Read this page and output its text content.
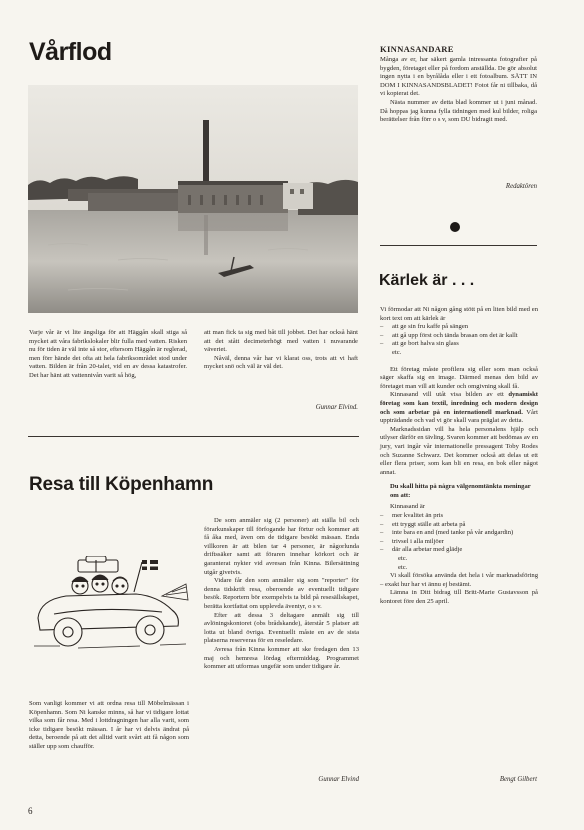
Vårflod

Varje vår är vi lite ängsliga för att Häggån skall stiga så mycket att våra fabrikslokaler blir fulla med vatten. Risken nu för tiden är väl inte så stor, eftersom Häggån är reglerad, men förr hände det ofta att hela fabriksområdet stod under vatten. Bilden är från 20-talet, vid en av dessa katastrofer. Det har hänt att vattennivån varit så hög,

att man fick ta sig med båt till jobbet. Det har också hänt att det stått decimeterhögt med vatten i nuvarande väveriet.

Nåväl, denna vår har vi klarat oss, trots att vi haft mycket snö och väl är väl det.

Gunnar Elvind.
KINNASANDARE

Många av er, har säkert gamla intressanta fotografier på bygden, företaget eller på fordom anställda. De gör absolut ingen nytta i en byrålåda eller i ett fotoalbum. SÄTT IN DOM I KINNASANDSBLADET! Fotot får ni tillbaka, då vi kopierat det.

Nästa nummer av detta blad kommer ut i juni månad. Då hoppas jag kunna fylla tidningen med kul bilder, roliga berättelser från förr o s v, som DU bidragit med.

Redaktören
Kärlek är . . .

Vi förmodar att Ni någon gång stött på en liten bild med en kort text om att kärlek är

– att ge sin fru kaffe på sängen
– att gå upp först och tända brasan om det är kallt
– att ge bort halva sin glass

etc.

Ett företag måste profilera sig eller som man också säger skaffa sig en image. Därmed menas den bild av företaget man vill att kunder och omgivning skall få.

Kinnasand vill utåt visa bilden av ett dynamiskt företag som kan textil, inredning och modern design och som arbetar på en internationell marknad. Vårt uppträdande och vad vi gör skall vara präglat av detta.

Marknadssidan vill ha hela personalens hjälp och utlyser därför en tävling. Svaren kommer att bedömas av en jury, vari ingår vår internationelle pressagent Toby Rodes och Suzanne Schwarz. Det kommer också att delas ut ett eller flera priser, som kan bli en resa, en bok eller något annat.

Du skall hitta på några välgenomtänkta meningar om att:

Kinnasand är

– mer kvalitet än pris
– ett tryggt ställe att arbeta på
– inte bara en and (med tanke på vår andgardin)
– trivsel i alla miljöer
– där alla arbetar med glädje

etc.

etc.

Vi skall försöka använda det hela i vår marknadsföring – exakt hur har vi ännu ej bestämt.

Lämna in Ditt bidrag till Britt-Marie Gustavsson på kontoret före den 25 april.

Bengt Gilbert
Resa till Köpenhamn

Som vanligt kommer vi att ordna resa till Möbelmässan i Köpenhamn. Som Ni kanske minns, så har vi tidigare lottat vilka som får resa. Med i lottdragningen har alla varit, som icke tidigare besökt mässan. I år har vi delvis ändrat på detta, beroende på att det alltid varit svårt att få någon som ställer upp som chaufför.

De som anmäler sig (2 personer) att ställa bil och förarkunskaper till förfogande har förtur och kommer att få åka med, även om de tidigare besökt mässan. Enda villkoren är att bilen tar 4 personer, är någorlunda driftssäker samt att föraren innehar körkort och är garanterat nykter vid avresan från Kinna. Bilersättning utgår givetvis.

Vidare får den som anmäler sig som "reporter" för denna tidskrift resa, oberoende av eventuellt tidigare besök. Reportern bör exempelvis ta bild på resesällskapet, berätta kortfattat om upplevda äventyr, o s v.

Efter att dessa 3 deltagare anmält sig till avlöningskontoret (obs brådskande), återstår 5 platser att lotta ut bland övriga. Eventuellt måste en av de sista platserna reserveras för en reseledare.

Avresa från Kinna kommer att ske fredagen den 13 maj och hemresa lördag eftermiddag. Programmet kommer att utformas ungefär som under tidigare år.

Gunnar Elvind
6
